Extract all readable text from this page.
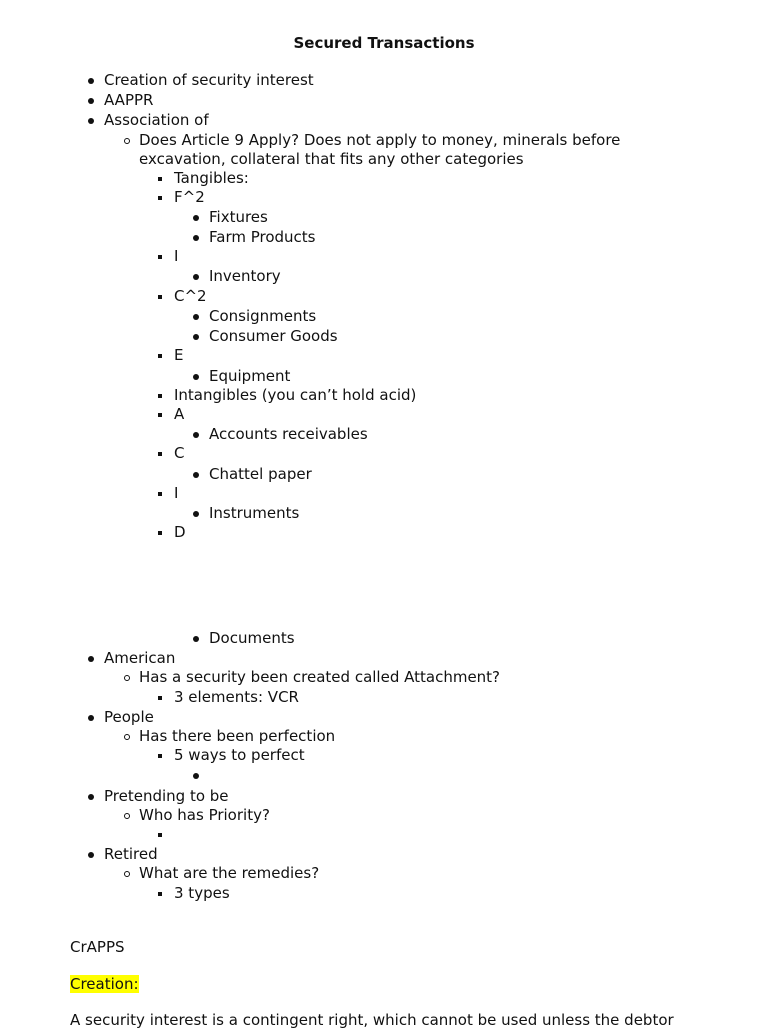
Secured Transactions
Creation of security interest
AAPPR
Association of
Does Article 9 Apply? Does not apply to money, minerals before
excavation, collateral that fits any other categories
Tangibles:
F^2
Fixtures
Farm Products
I
Inventory
C^2
Consignments
Consumer Goods
E
Equipment
Intangibles (you can’t hold acid)
A
Accounts receivables
C
Chattel paper
I
Instruments
D
Documents
American
Has a security been created called Attachment?
3 elements: VCR
People
Has there been perfection
5 ways to perfect
Pretending to be
Who has Priority?
Retired
What are the remedies?
3 types
CrAPPS
Creation:
A security interest is a contingent right, which cannot be used unless the debtor
